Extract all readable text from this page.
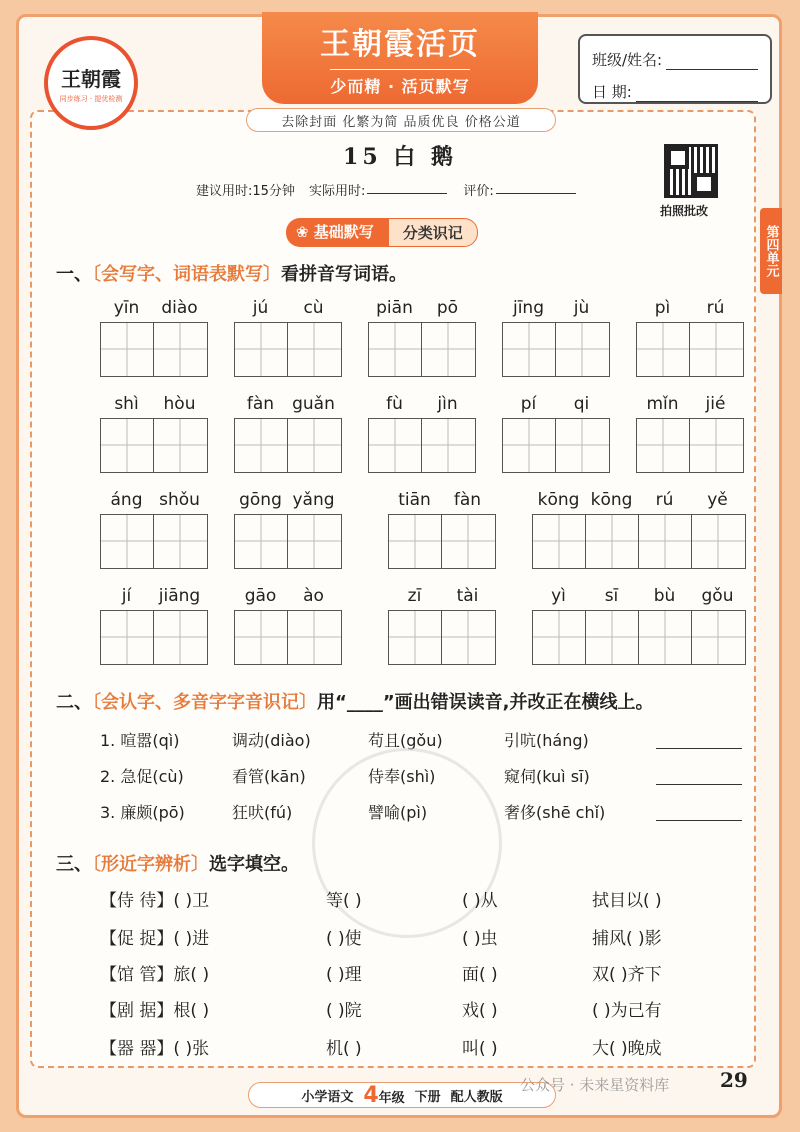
王朝霞
同步练习 · 提优检测
王朝霞活页
少而精 · 活页默写
去除封面 化繁为简 品质优良 价格公道
班级/姓名:
日 期:
15 白 鹅
建议用时:15分钟 实际用时:	评价:
拍照批改
第四单元
❀ 基础默写	分类识记
一、〔会写字、词语表默写〕看拼音写词语。
yīn	diào	jú	cù	piān	pō	jīng	jù	pì	rú
shì	hòu	fàn	guǎn	fù	jìn	pí	qi	mǐn	jié
áng shǒu	gōng yǎng	tiān	fàn	kōng kōng	rú	yě
jí	jiāng	gāo	ào	zī	tài	yì	sī	bù	gǒu
二、〔会认字、多音字字音识记〕用“____”画出错误读音,并改正在横线上。
1. 喧嚣(qì)	调动(diào)	苟且(gǒu)	引吭(háng)
2. 急促(cù)	看管(kān)	侍奉(shì)	窥伺(kuì sī)
3. 廉颇(pō)	狂吠(fú)	譬喻(pì)	奢侈(shē chǐ)
三、〔形近字辨析〕选字填空。
【侍 待】( )卫	等( )	( )从	拭目以( )
【促 捉】( )进	( )使	( )虫	捕风( )影
【馆 管】旅( )	( )理	面( )	双( )齐下
【剧 据】根( )	( )院	戏( )	( )为己有
【器 器】( )张	机( )	叫( )	大( )晚成
小学语文 4年级 下册 配人教版
公众号 · 未来星资料库	29
